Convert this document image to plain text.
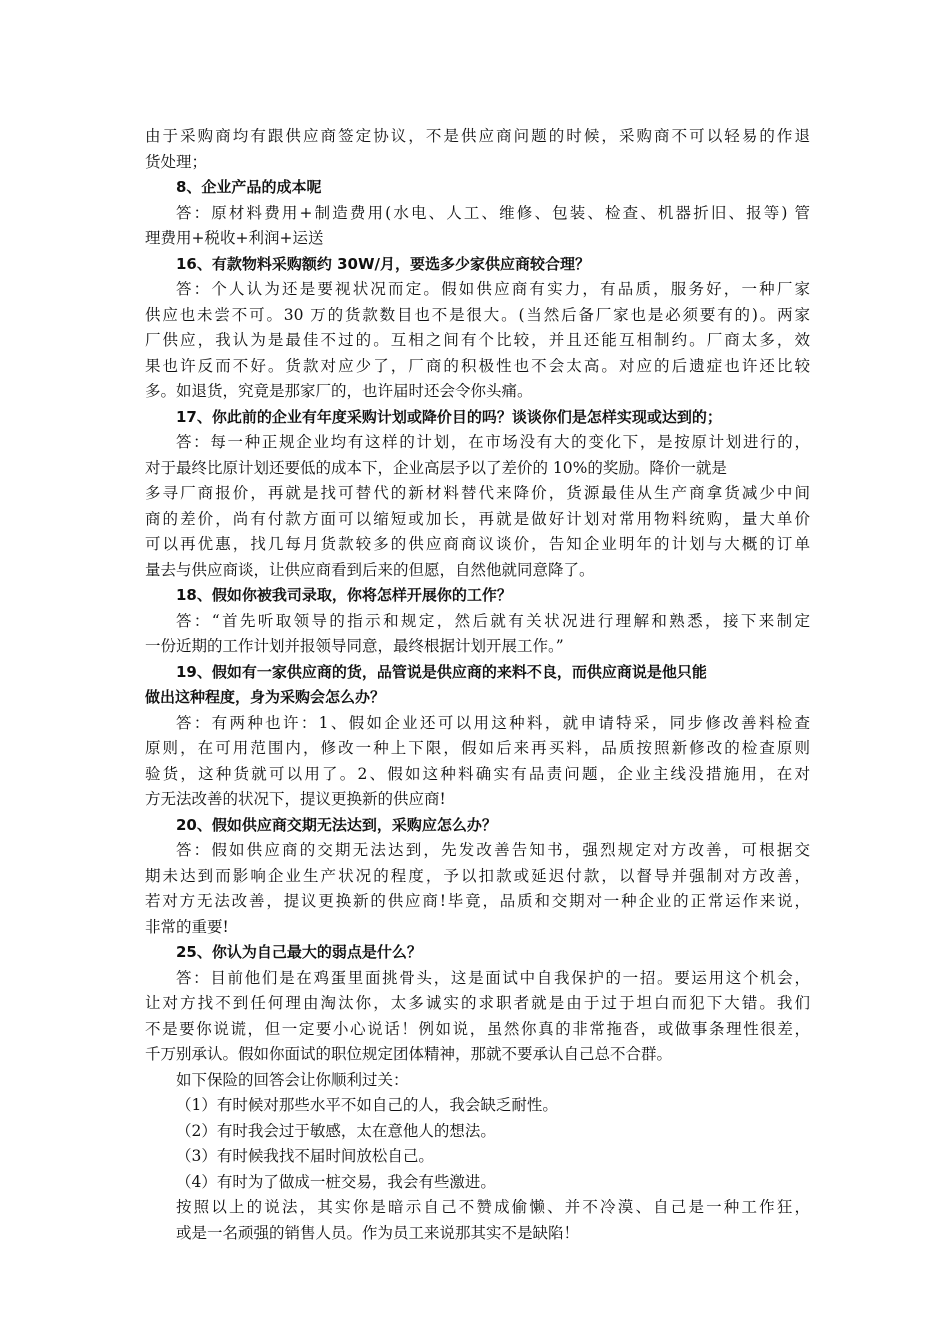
由于采购商均有跟供应商签定协议，不是供应商问题的时候，采购商不可以轻易的作退
货处理；
8、企业产品的成本呢
答：原材料费用+制造费用(水电、人工、维修、包装、检查、机器折旧、报等) 管
理费用+税收+利润+运送
16、有款物料采购额约 30W/月，要选多少家供应商较合理？
答：个人认为还是要视状况而定。假如供应商有实力，有品质，服务好，一种厂家
供应也未尝不可。30 万的货款数目也不是很大。(当然后备厂家也是必须要有的)。两家
厂供应，我认为是最佳不过的。互相之间有个比较，并且还能互相制约。厂商太多，效
果也许反而不好。货款对应少了，厂商的积极性也不会太高。对应的后遗症也许还比较
多。如退货，究竟是那家厂的，也许届时还会令你头痛。
17、你此前的企业有年度采购计划或降价目的吗？谈谈你们是怎样实现或达到的；
答：每一种正规企业均有这样的计划，在市场没有大的变化下，是按原计划进行的，
对于最终比原计划还要低的成本下，企业高层予以了差价的 10%的奖励。降价一就是
多寻厂商报价，再就是找可替代的新材料替代来降价，货源最佳从生产商拿货减少中间
商的差价，尚有付款方面可以缩短或加长，再就是做好计划对常用物料统购，量大单价
可以再优惠，找几每月货款较多的供应商商议谈价，告知企业明年的计划与大概的订单
量去与供应商谈，让供应商看到后来的但愿，自然他就同意降了。
18、假如你被我司录取，你将怎样开展你的工作？
答：“首先听取领导的指示和规定，然后就有关状况进行理解和熟悉，接下来制定
一份近期的工作计划并报领导同意，最终根据计划开展工作。”
19、假如有一家供应商的货，品管说是供应商的来料不良，而供应商说是他只能
做出这种程度，身为采购会怎么办？
答：有两种也许：1、假如企业还可以用这种料，就申请特采，同步修改善料检查
原则，在可用范围内，修改一种上下限，假如后来再买料，品质按照新修改的检查原则
验货，这种货就可以用了。2、假如这种料确实有品责问题，企业主线没措施用，在对
方无法改善的状况下，提议更换新的供应商!
20、假如供应商交期无法达到，采购应怎么办？
答：假如供应商的交期无法达到，先发改善告知书，强烈规定对方改善，可根据交
期未达到而影响企业生产状况的程度，予以扣款或延迟付款，以督导并强制对方改善，
若对方无法改善，提议更换新的供应商!毕竟，品质和交期对一种企业的正常运作来说，
非常的重要!
25、你认为自己最大的弱点是什么？
答：目前他们是在鸡蛋里面挑骨头，这是面试中自我保护的一招。要运用这个机会，
让对方找不到任何理由淘汰你，太多诚实的求职者就是由于过于坦白而犯下大错。我们
不是要你说谎，但一定要小心说话！例如说，虽然你真的非常拖沓，或做事条理性很差，
千万别承认。假如你面试的职位规定团体精神，那就不要承认自己总不合群。
如下保险的回答会让你顺利过关：
（1）有时候对那些水平不如自己的人，我会缺乏耐性。
（2）有时我会过于敏感，太在意他人的想法。
（3）有时候我找不届时间放松自己。
（4）有时为了做成一桩交易，我会有些激进。
按照以上的说法，其实你是暗示自己不赞成偷懒、并不冷漠、自己是一种工作狂，
或是一名顽强的销售人员。作为员工来说那其实不是缺陷！
